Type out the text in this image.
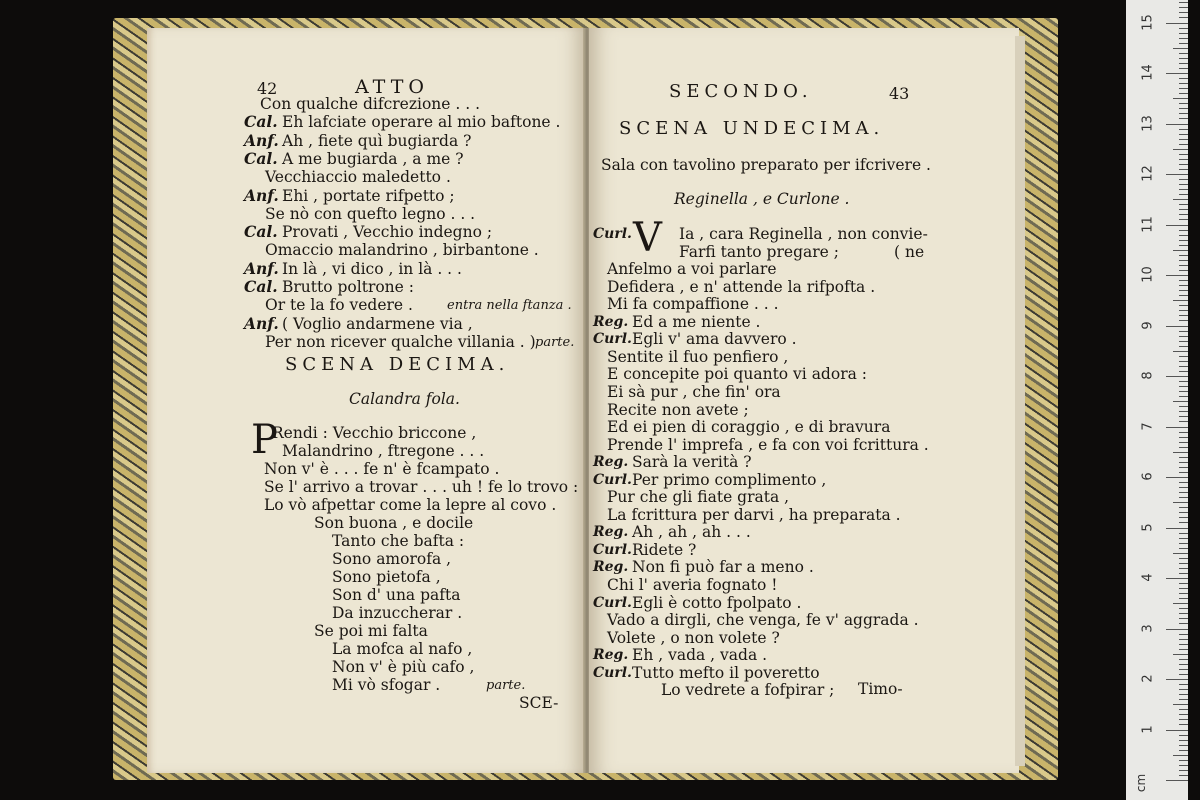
42	ATTO
Con qualche difcrezione . . .
Cal. Eh lafciate operare al mio baftone .
Anf. Ah , fiete quì bugiarda ?
Cal. A me bugiarda , a me ?
Vecchiaccio maledetto .
Anf. Ehi , portate rifpetto ;
Se nò con quefto legno . . .
Cal. Provati , Vecchio indegno ;
Omaccio malandrino , birbantone .
Anf. In là , vi dico , in là . . .
Cal. Brutto poltrone :
Or te la fo vedere .	entra nella ftanza .
Anf. ( Voglio andarmene via ,
Per non ricever qualche villania . ) parte.
SCENA DECIMA.
Calandra fola.
P
Rendi : Vecchio briccone ,
Malandrino , ftregone . . .
Non v' è . . . fe n' è fcampato .
Se l' arrivo a trovar . . . uh ! fe lo trovo :
Lo vò afpettar come la lepre al covo .
Son buona , e docile
Tanto che bafta :
Sono amorofa ,
Sono pietofa ,
Son d' una pafta
Da inzuccherar .
Se poi mi falta
La mofca al nafo ,
Non v' è più cafo ,
Mi vò sfogar .	parte.
SCE-
SECONDO.	43
SCENA UNDECIMA.
Sala con tavolino preparato per ifcrivere .
Reginella , e Curlone .
V
Curl.	Ia , cara Reginella , non convie-
Farfi tanto pregare ;	( ne
Anfelmo a voi parlare
Defidera , e n' attende la rifpofta .
Mi fa compaffione . . .
Reg. Ed a me niente .
Curl. Egli v' ama davvero .
Sentite il fuo penfiero ,
E concepite poi quanto vi adora :
Ei sà pur , che fin' ora
Recite non avete ;
Ed ei pien di coraggio , e di bravura
Prende l' imprefa , e fa con voi fcrittura .
Reg. Sarà la verità ?
Curl. Per primo complimento ,
Pur che gli fiate grata ,
La fcrittura per darvi , ha preparata .
Reg. Ah , ah , ah . . .
Curl. Ridete ?
Reg. Non fi può far a meno .
Chi l' averia fognato !
Curl. Egli è cotto fpolpato .
Vado a dirgli, che venga, fe v' aggrada .
Volete , o non volete ?
Reg. Eh , vada , vada .
Curl. Tutto mefto il poveretto
Lo vedrete a fofpirar ; Timo-
1
2
3
4
5
6
7
8
9
10
11
12
13
14
15
cm
